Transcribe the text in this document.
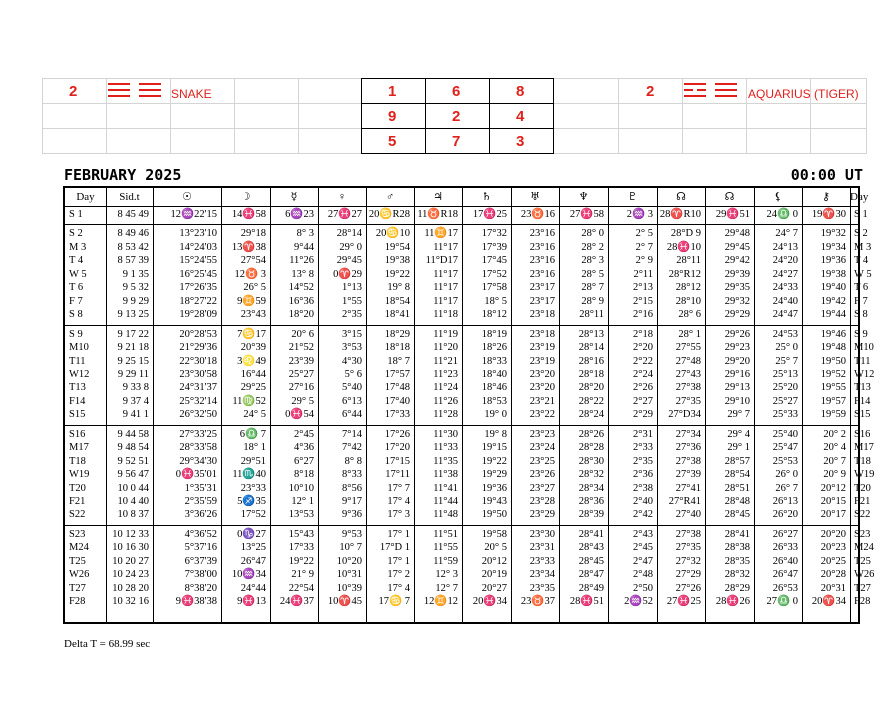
2	SNAKE	1	6	8
9	2	4
5	7	3
2	AQUARIUS (TIGER)
FEBRUARY 2025	00:00 UT
Day	Sid.t	☉	☽	☿	♀	♂	♃	♄	♅	♆	♇	☊	☊	⚸	⚷	Day
S 1	8 45 49	12♒22'15	14♓58	6♒23	27♓27 20♋R28 11♉R18	17♓25	23♉16	27♓58	2♒ 3 28♈R10	29♓51	24♎ 0	19♈30 S 1
S 2	8 49 46	13°23'10	29°18	8° 3	28°14	20♋10	11♊17	17°32	23°16	28° 0	2° 5	28°D 9	29°48	24° 7	19°32 S 2
M 3	8 53 42	14°24'03	13♈38	9°44	29° 0	19°54	11°17	17°39	23°16	28° 2	2° 7	28♓10	29°45	24°13	19°34 M 3
T 4	8 57 39	15°24'55	27°54	11°26	29°45	19°38	11°D17	17°45	23°16	28° 3	2° 9	28°11	29°42	24°20	19°36 T 4
W 5	9 1 35	16°25'45	12♉ 3	13° 8	0♈29	19°22	11°17	17°52	23°16	28° 5	2°11	28°R12	29°39	24°27	19°38 W 5
T 6	9 5 32	17°26'35	26° 5	14°52	1°13	19° 8	11°17	17°58	23°17	28° 7	2°13	28°12	29°35	24°33	19°40 T 6
F 7	9 9 29	18°27'22	9♊59	16°36	1°55	18°54	11°17	18° 5	23°17	28° 9	2°15	28°10	29°32	24°40	19°42 F 7
S 8	9 13 25	19°28'09	23°43	18°20	2°35	18°41	11°18	18°12	23°18	28°11	2°16	28° 6	29°29	24°47	19°44 S 8
S 9	9 17 22	20°28'53	7♋17	20° 6	3°15	18°29	11°19	18°19	23°18	28°13	2°18	28° 1	29°26	24°53	19°46 S 9
M10	9 21 18	21°29'36	20°39	21°52	3°53	18°18	11°20	18°26	23°19	28°14	2°20	27°55	29°23	25° 0	19°48 M10
T11	9 25 15	22°30'18	3♌49	23°39	4°30	18° 7	11°21	18°33	23°19	28°16	2°22	27°48	29°20	25° 7	19°50 T11
W12	9 29 11	23°30'58	16°44	25°27	5° 6	17°57	11°23	18°40	23°20	28°18	2°24	27°43	29°16	25°13	19°52 W12
T13	9 33 8	24°31'37	29°25	27°16	5°40	17°48	11°24	18°46	23°20	28°20	2°26	27°38	29°13	25°20	19°55 T13
F14	9 37 4	25°32'14	11♍52	29° 5	6°13	17°40	11°26	18°53	23°21	28°22	2°27	27°35	29°10	25°27	19°57 F14
S15	9 41 1	26°32'50	24° 5	0♓54	6°44	17°33	11°28	19° 0	23°22	28°24	2°29	27°D34	29° 7	25°33	19°59 S15
S16	9 44 58	27°33'25	6♎ 7	2°45	7°14	17°26	11°30	19° 8	23°23	28°26	2°31	27°34	29° 4	25°40	20° 2 S16
M17	9 48 54	28°33'58	18° 1	4°36	7°42	17°20	11°33	19°15	23°24	28°28	2°33	27°36	29° 1	25°47	20° 4 M17
T18	9 52 51	29°34'30	29°51	6°27	8° 8	17°15	11°35	19°22	23°25	28°30	2°35	27°38	28°57	25°53	20° 7 T18
W19	9 56 47	0♓35'01	11♏40	8°18	8°33	17°11	11°38	19°29	23°26	28°32	2°36	27°39	28°54	26° 0	20° 9 W19
T20	10 0 44	1°35'31	23°33	10°10	8°56	17° 7	11°41	19°36	23°27	28°34	2°38	27°41	28°51	26° 7	20°12 T20
F21	10 4 40	2°35'59	5♐35	12° 1	9°17	17° 4	11°44	19°43	23°28	28°36	2°40	27°R41	28°48	26°13	20°15 F21
S22	10 8 37	3°36'26	17°52	13°53	9°36	17° 3	11°48	19°50	23°29	28°39	2°42	27°40	28°45	26°20	20°17 S22
S23	10 12 33	4°36'52	0♑27	15°43	9°53	17° 1	11°51	19°58	23°30	28°41	2°43	27°38	28°41	26°27	20°20 S23
M24	10 16 30	5°37'16	13°25	17°33	10° 7	17°D 1	11°55	20° 5	23°31	28°43	2°45	27°35	28°38	26°33	20°23 M24
T25	10 20 27	6°37'39	26°47	19°22	10°20	17° 1	11°59	20°12	23°33	28°45	2°47	27°32	28°35	26°40	20°25 T25
W26	10 24 23	7°38'00	10♒34	21° 9	10°31	17° 2	12° 3	20°19	23°34	28°47	2°48	27°29	28°32	26°47	20°28 W26
T27	10 28 20	8°38'20	24°44	22°54	10°39	17° 4	12° 7	20°27	23°35	28°49	2°50	27°26	28°29	26°53	20°31 T27
F28	10 32 16	9♓38'38	9♓13	24♓37	10♈45	17♋ 7	12♊12	20♓34	23♉37	28♓51	2♒52	27♓25	28♓26	27♎ 0	20♈34 F28
Delta T = 68.99 sec
